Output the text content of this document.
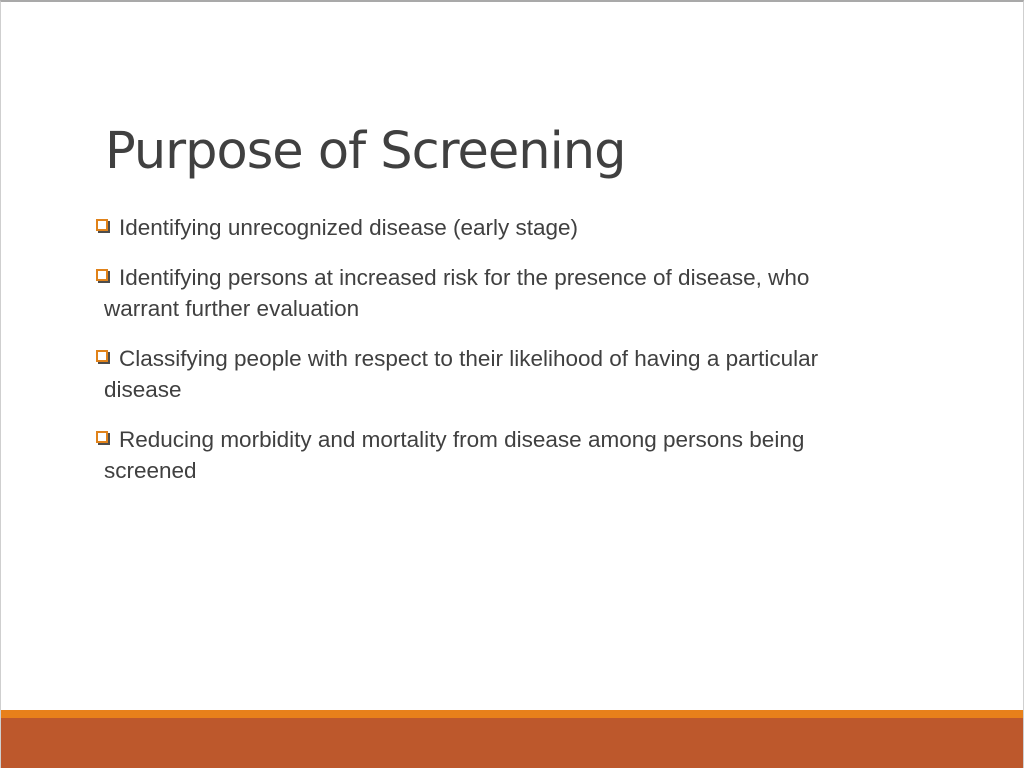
Purpose of Screening
Identifying unrecognized disease (early stage)
Identifying persons at increased risk for the presence of disease, who
warrant further evaluation
Classifying people with respect to their likelihood of having a particular
disease
Reducing morbidity and mortality from disease among persons being
screened
